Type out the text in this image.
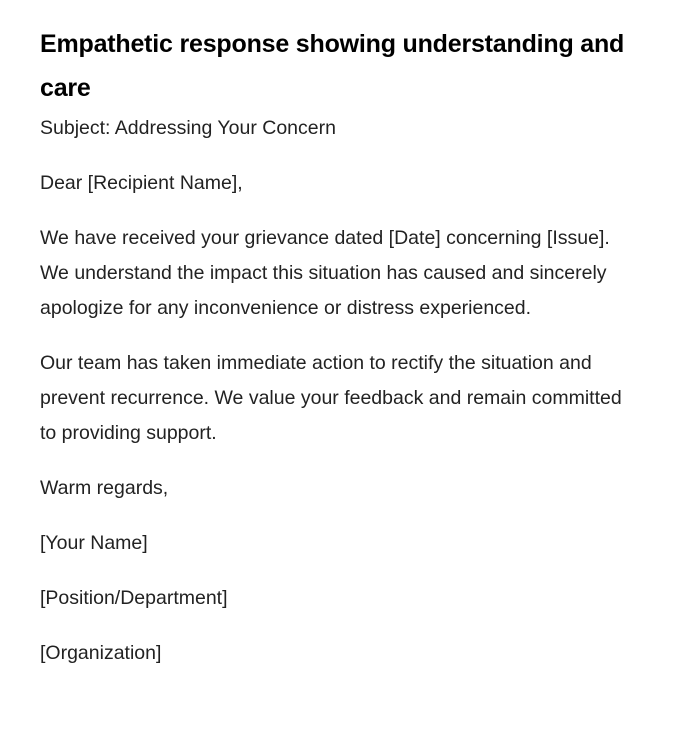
Empathetic response showing understanding and care

Subject: Addressing Your Concern

Dear [Recipient Name],

We have received your grievance dated [Date] concerning [Issue]. We understand the impact this situation has caused and sincerely apologize for any inconvenience or distress experienced.

Our team has taken immediate action to rectify the situation and prevent recurrence. We value your feedback and remain committed to providing support.

Warm regards,

[Your Name]

[Position/Department]

[Organization]
